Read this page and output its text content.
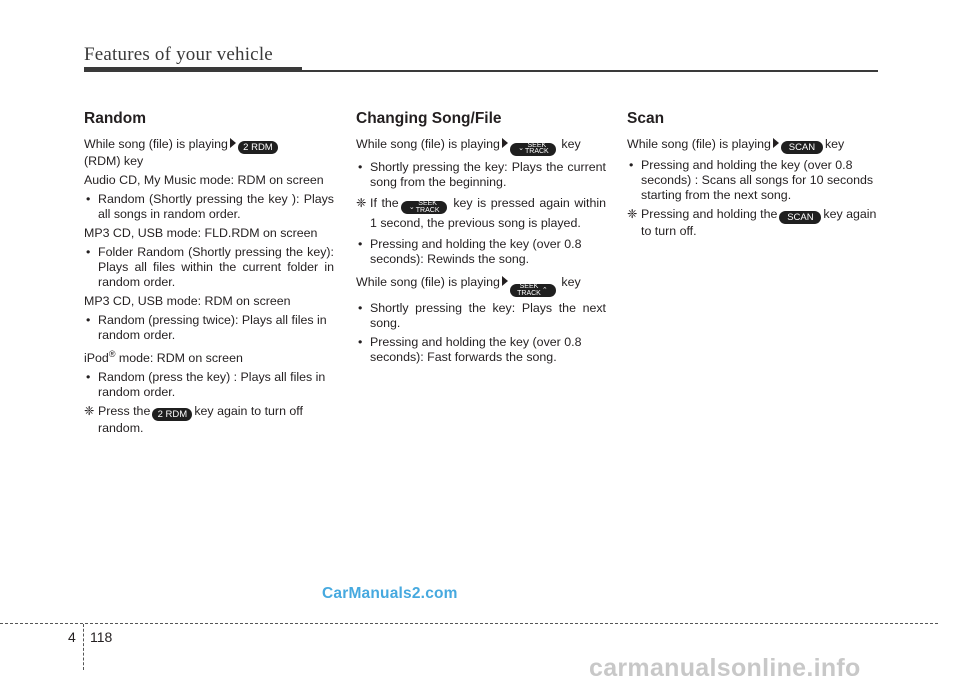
Features of your vehicle
Random
While song (file) is playing 2 RDM
(RDM) key
Audio CD, My Music mode: RDM on screen
• Random (Shortly pressing the key ): Plays all songs in random order.
MP3 CD, USB mode: FLD.RDM on screen
• Folder Random (Shortly pressing the key): Plays all files within the current folder in random order.
MP3 CD, USB mode: RDM on screen
• Random (pressing twice): Plays all files in random order.
iPod® mode: RDM on screen
• Random (press the key) : Plays all files in random order.
❈ Press the 2 RDM key again to turn off random.
Changing Song/File
While song (file) is playing	⌄ SEEK
TRACK
key
• Shortly pressing the key: Plays the current song from the beginning.
❈ If the ⌄ SEEK
TRACK
key is pressed again within 1 second, the previous song is played.
• Pressing and holding the key (over 0.8 seconds): Rewinds the song.
While song (file) is playing	SEEK
TRACK ⌃
key
• Shortly pressing the key: Plays the next song.
• Pressing and holding the key (over 0.8 seconds): Fast forwards the song.
Scan
While song (file) is playing SCAN key
• Pressing and holding the key (over 0.8 seconds) : Scans all songs for 10 seconds starting from the next song.
❈ Pressing and holding the SCAN key again to turn off.
CarManuals2.com
4 118
carmanualsonline.info
